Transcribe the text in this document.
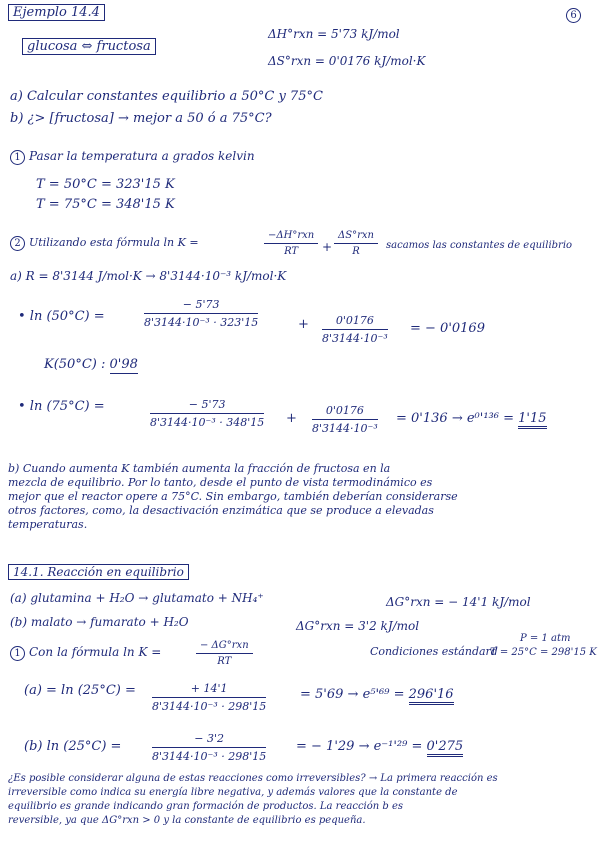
6
Ejemplo 14.4
glucosa ⇔ fructosa
ΔH°rxn = 5'73 kJ/mol
ΔS°rxn = 0'0176 kJ/mol·K
a) Calcular constantes equilibrio a 50°C y 75°C
b) ¿> [fructosa] → mejor a 50 ó a 75°C?
1 Pasar la temperatura a grados kelvin
T = 50°C = 323'15 K
T = 75°C = 348'15 K
2 Utilizando esta fórmula ln K =
−ΔH°rxn
RT	+
ΔS°rxn
R
sacamos las constantes de equilibrio
a) R = 8'3144 J/mol·K → 8'3144·10⁻³ kJ/mol·K
• ln (50°C) =	$\frac{- 5'73}{\text{8'3144·10⁻³ · 323'15}}$	+ $\frac{0'0176}{\text{8'3144·10⁻³}}$ = − 0'0169
K(50°C) : 0'98
• ln (75°C) =	$\frac{- 5'73}{\text{8'3144·10⁻³ · 348'15}} + \frac{0'0176}{\text{8'3144·10⁻³}} = 0'136 \to e^0'^{136} = 1'15$
b) Cuando aumenta K también aumenta la fracción de fructosa en la
mezcla de equilibrio. Por lo tanto, desde el punto de vista termodinámico es
mejor que el reactor opere a 75°C. Sin embargo, también deberían considerarse
otros factores, como, la desactivación enzimática que se produce a elevadas
temperaturas.
14.1. Reacción en equilibrio
(a) glutamina + H₂O → glutamato + NH₄⁺	ΔG°rxn = − 14'1 kJ/mol
(b) malato → fumarato + H₂O	ΔG°rxn = 3'2 kJ/mol
1 Con la fórmula ln K =	− ΔG°rxn
RT
Condiciones estándard
P = 1 atm
T = 25°C = 298'15 K
$(a) = \ln (25^\circ C) = \frac{+ 14'1}{\text{8'3144·10⁻³ · 298'15}}$	= 5'69 → e⁵'⁶⁹ = 296'16
(b) ln (25°C) =	$\frac{- 3'2}{\text{8'3144·10⁻³ · 298'15}}$ = − 1'29 → e⁻¹'²⁹ = 0'275
¿Es posible considerar alguna de estas reacciones como irreversibles? → La primera reacción es
irreversible como indica su energía libre negativa, y además valores que la constante de
equilibrio es grande indicando gran formación de productos. La reacción b es
reversible, ya que ΔG°rxn > 0 y la constante de equilibrio es pequeña.
